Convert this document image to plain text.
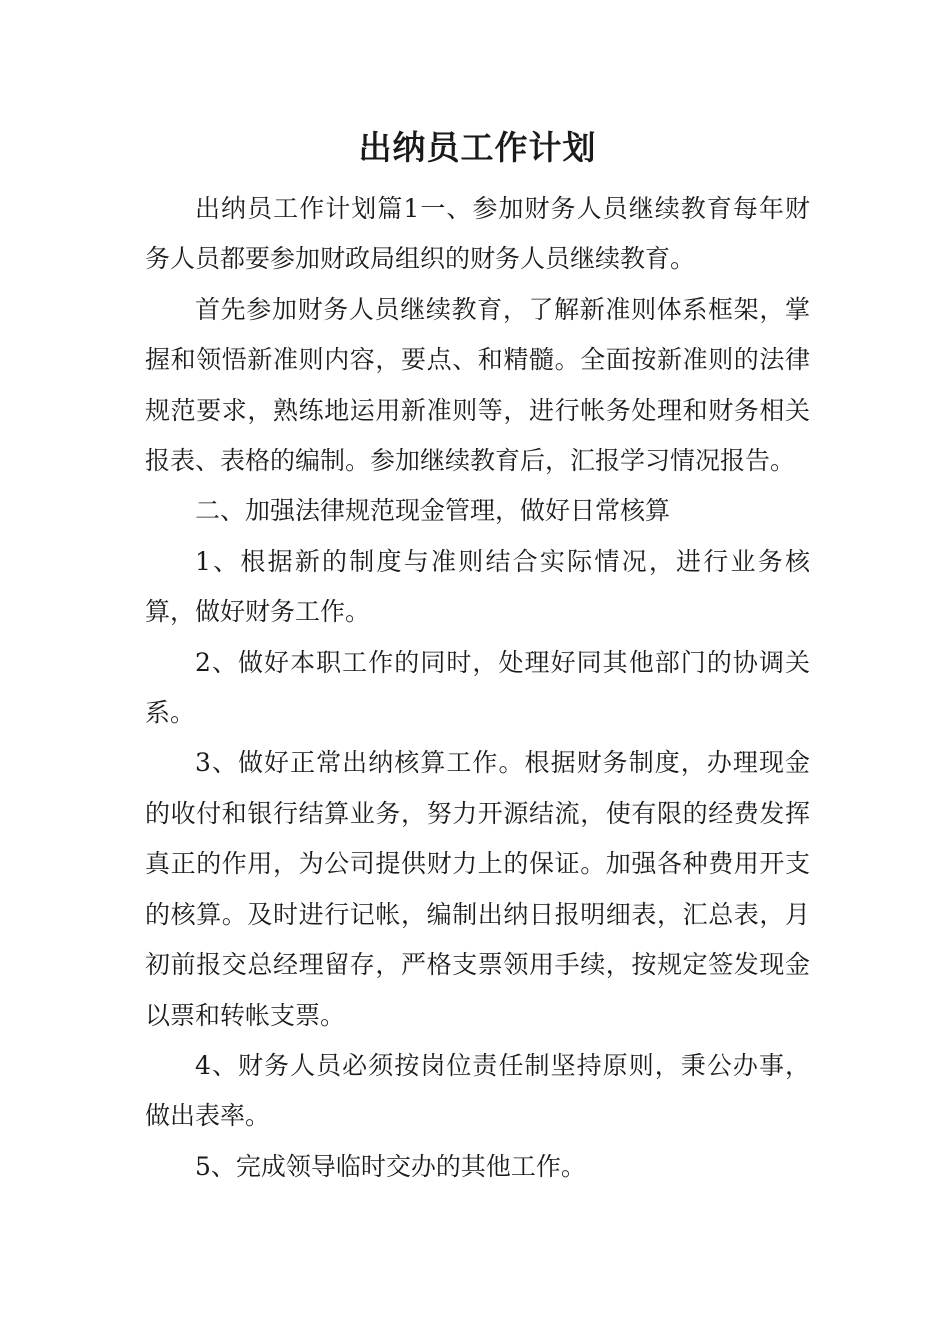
出纳员工作计划

出纳员工作计划篇1一、参加财务人员继续教育每年财务人员都要参加财政局组织的财务人员继续教育。

首先参加财务人员继续教育，了解新准则体系框架，掌握和领悟新准则内容，要点、和精髓。全面按新准则的法律规范要求，熟练地运用新准则等，进行帐务处理和财务相关报表、表格的编制。参加继续教育后，汇报学习情况报告。

二、加强法律规范现金管理，做好日常核算

1、根据新的制度与准则结合实际情况，进行业务核算，做好财务工作。

2、做好本职工作的同时，处理好同其他部门的协调关系。

3、做好正常出纳核算工作。根据财务制度，办理现金的收付和银行结算业务，努力开源结流，使有限的经费发挥真正的作用，为公司提供财力上的保证。加强各种费用开支的核算。及时进行记帐，编制出纳日报明细表，汇总表，月初前报交总经理留存，严格支票领用手续，按规定签发现金以票和转帐支票。

4、财务人员必须按岗位责任制坚持原则，秉公办事，做出表率。

5、完成领导临时交办的其他工作。
